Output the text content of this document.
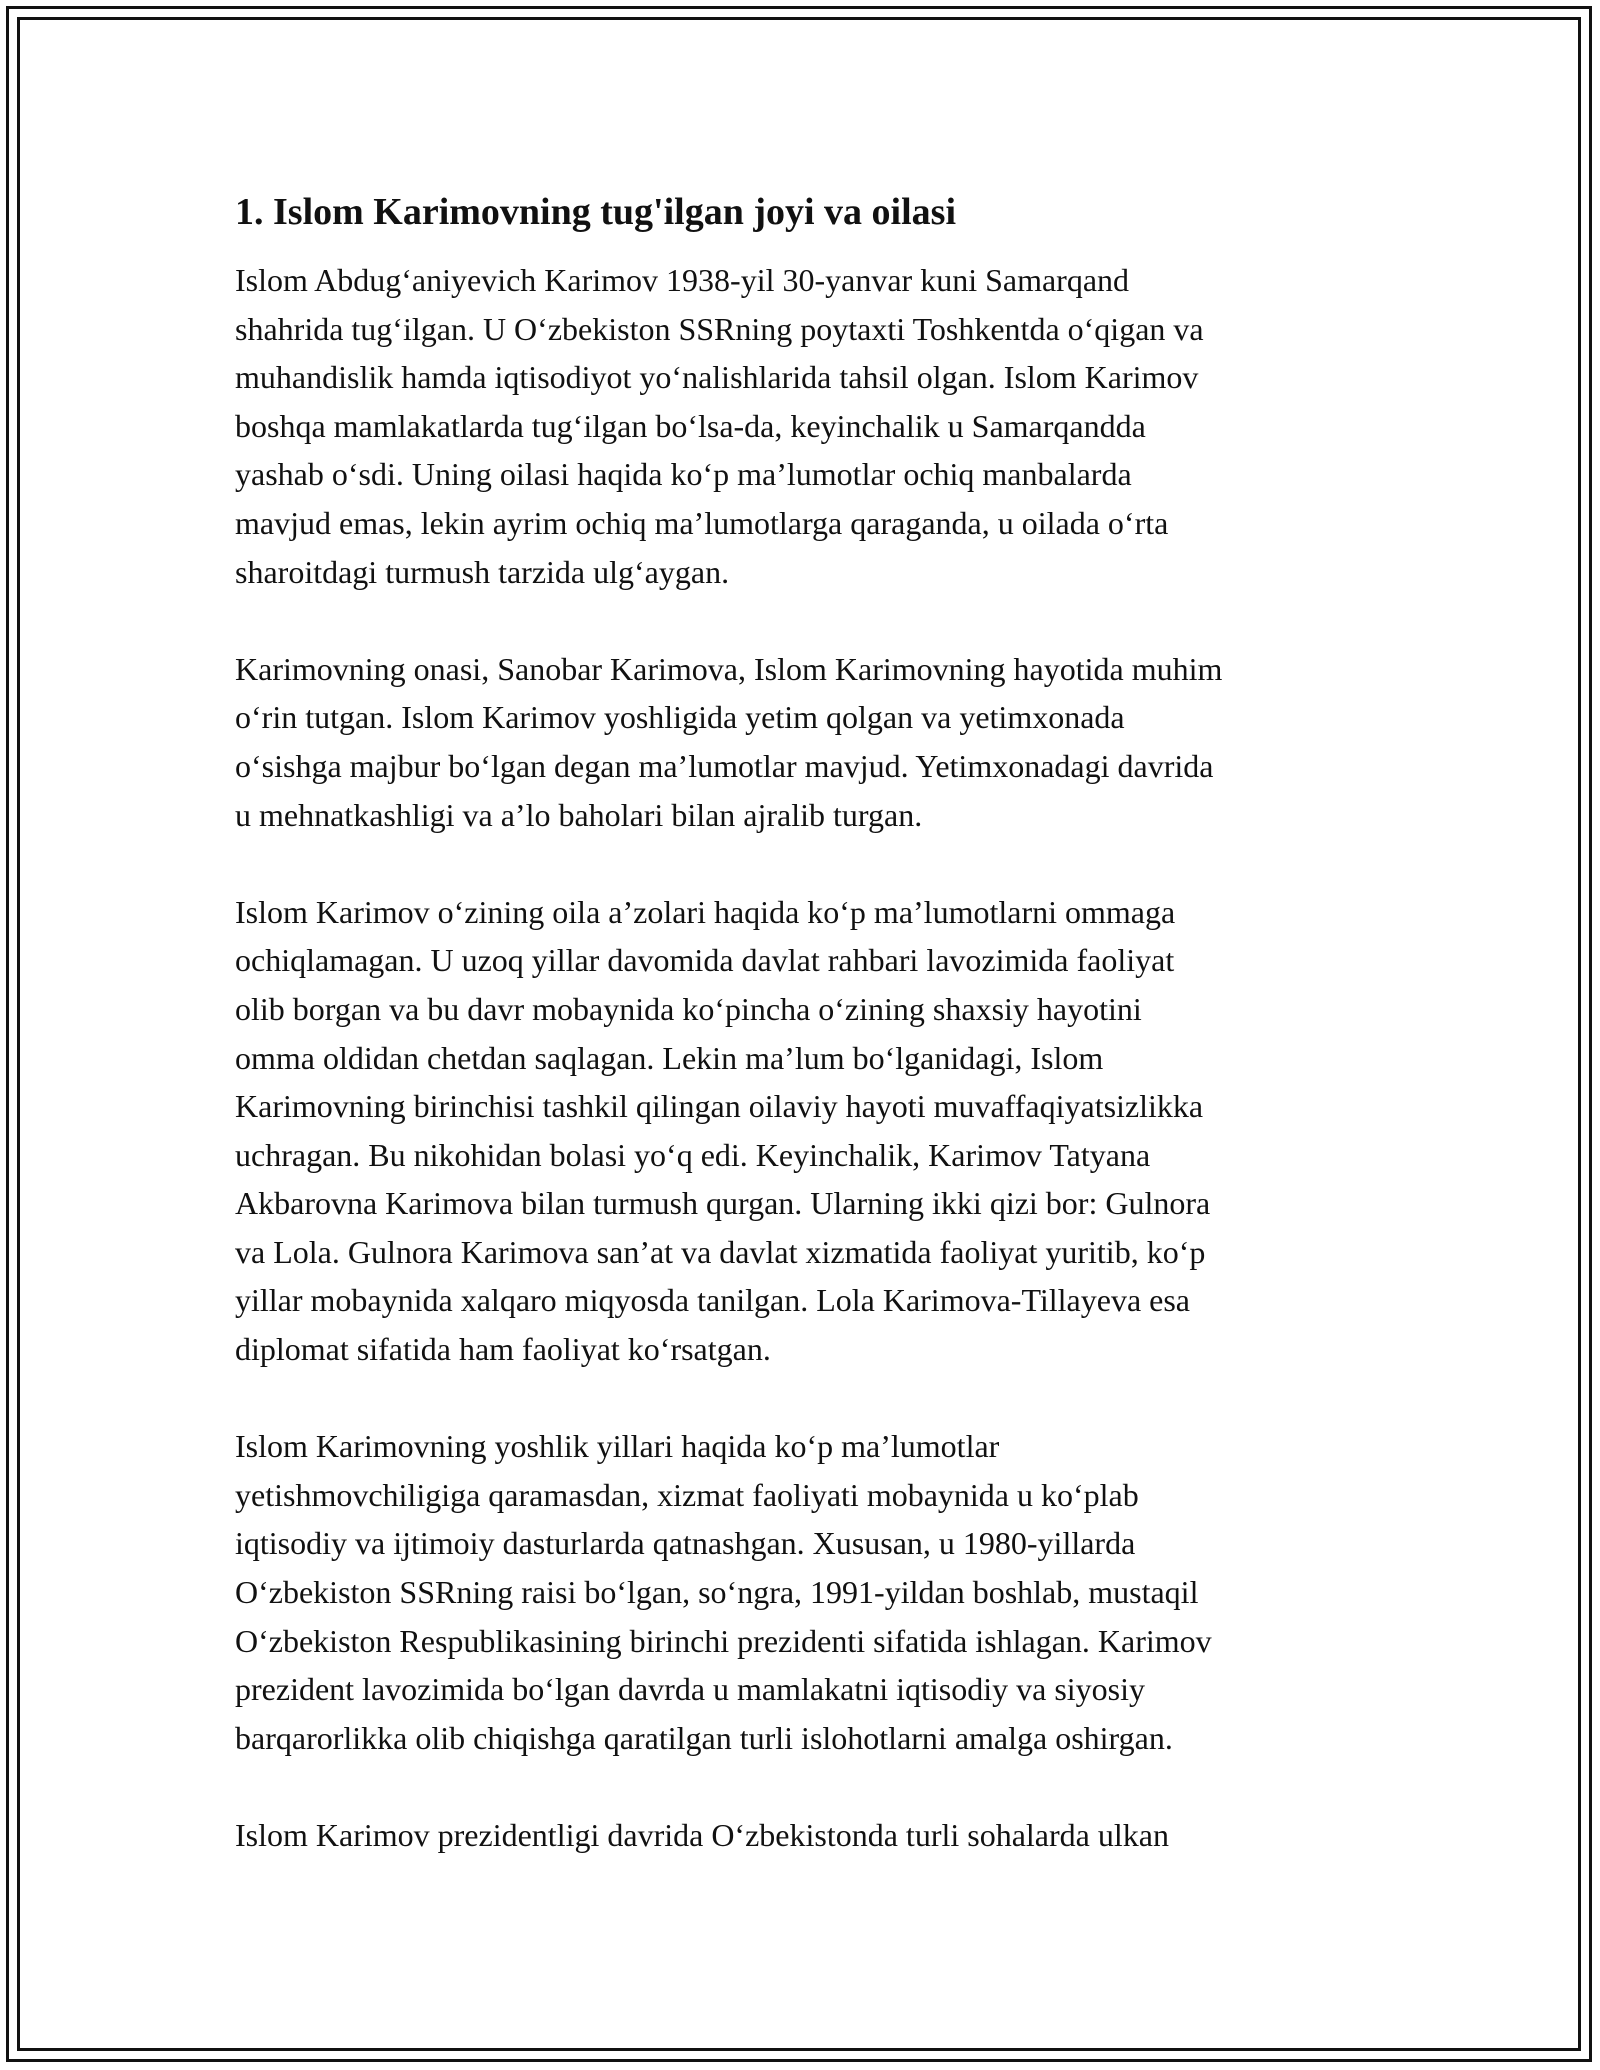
1. Islom Karimovning tug'ilgan joyi va oilasi

Islom Abdugʻaniyevich Karimov 1938-yil 30-yanvar kuni Samarqand
shahrida tugʻilgan. U Oʻzbekiston SSRning poytaxti Toshkentda oʻqigan va
muhandislik hamda iqtisodiyot yoʻnalishlarida tahsil olgan. Islom Karimov
boshqa mamlakatlarda tugʻilgan boʻlsa-da, keyinchalik u Samarqandda
yashab oʻsdi. Uning oilasi haqida koʻp maʼlumotlar ochiq manbalarda
mavjud emas, lekin ayrim ochiq maʼlumotlarga qaraganda, u oilada oʻrta
sharoitdagi turmush tarzida ulgʻaygan.

Karimovning onasi, Sanobar Karimova, Islom Karimovning hayotida muhim
oʻrin tutgan. Islom Karimov yoshligida yetim qolgan va yetimxonada
oʻsishga majbur boʻlgan degan maʼlumotlar mavjud. Yetimxonadagi davrida
u mehnatkashligi va aʼlo baholari bilan ajralib turgan.

Islom Karimov oʻzining oila aʼzolari haqida koʻp maʼlumotlarni ommaga
ochiqlamagan. U uzoq yillar davomida davlat rahbari lavozimida faoliyat
olib borgan va bu davr mobaynida koʻpincha oʻzining shaxsiy hayotini
omma oldidan chetdan saqlagan. Lekin maʼlum boʻlganidagi, Islom
Karimovning birinchisi tashkil qilingan oilaviy hayoti muvaffaqiyatsizlikka
uchragan. Bu nikohidan bolasi yoʻq edi. Keyinchalik, Karimov Tatyana
Akbarovna Karimova bilan turmush qurgan. Ularning ikki qizi bor: Gulnora
va Lola. Gulnora Karimova sanʼat va davlat xizmatida faoliyat yuritib, koʻp
yillar mobaynida xalqaro miqyosda tanilgan. Lola Karimova-Tillayeva esa
diplomat sifatida ham faoliyat koʻrsatgan.

Islom Karimovning yoshlik yillari haqida koʻp maʼlumotlar
yetishmovchiligiga qaramasdan, xizmat faoliyati mobaynida u koʻplab
iqtisodiy va ijtimoiy dasturlarda qatnashgan. Xususan, u 1980-yillarda
Oʻzbekiston SSRning raisi boʻlgan, soʻngra, 1991-yildan boshlab, mustaqil
Oʻzbekiston Respublikasining birinchi prezidenti sifatida ishlagan. Karimov
prezident lavozimida boʻlgan davrda u mamlakatni iqtisodiy va siyosiy
barqarorlikka olib chiqishga qaratilgan turli islohotlarni amalga oshirgan.

Islom Karimov prezidentligi davrida Oʻzbekistonda turli sohalarda ulkan
